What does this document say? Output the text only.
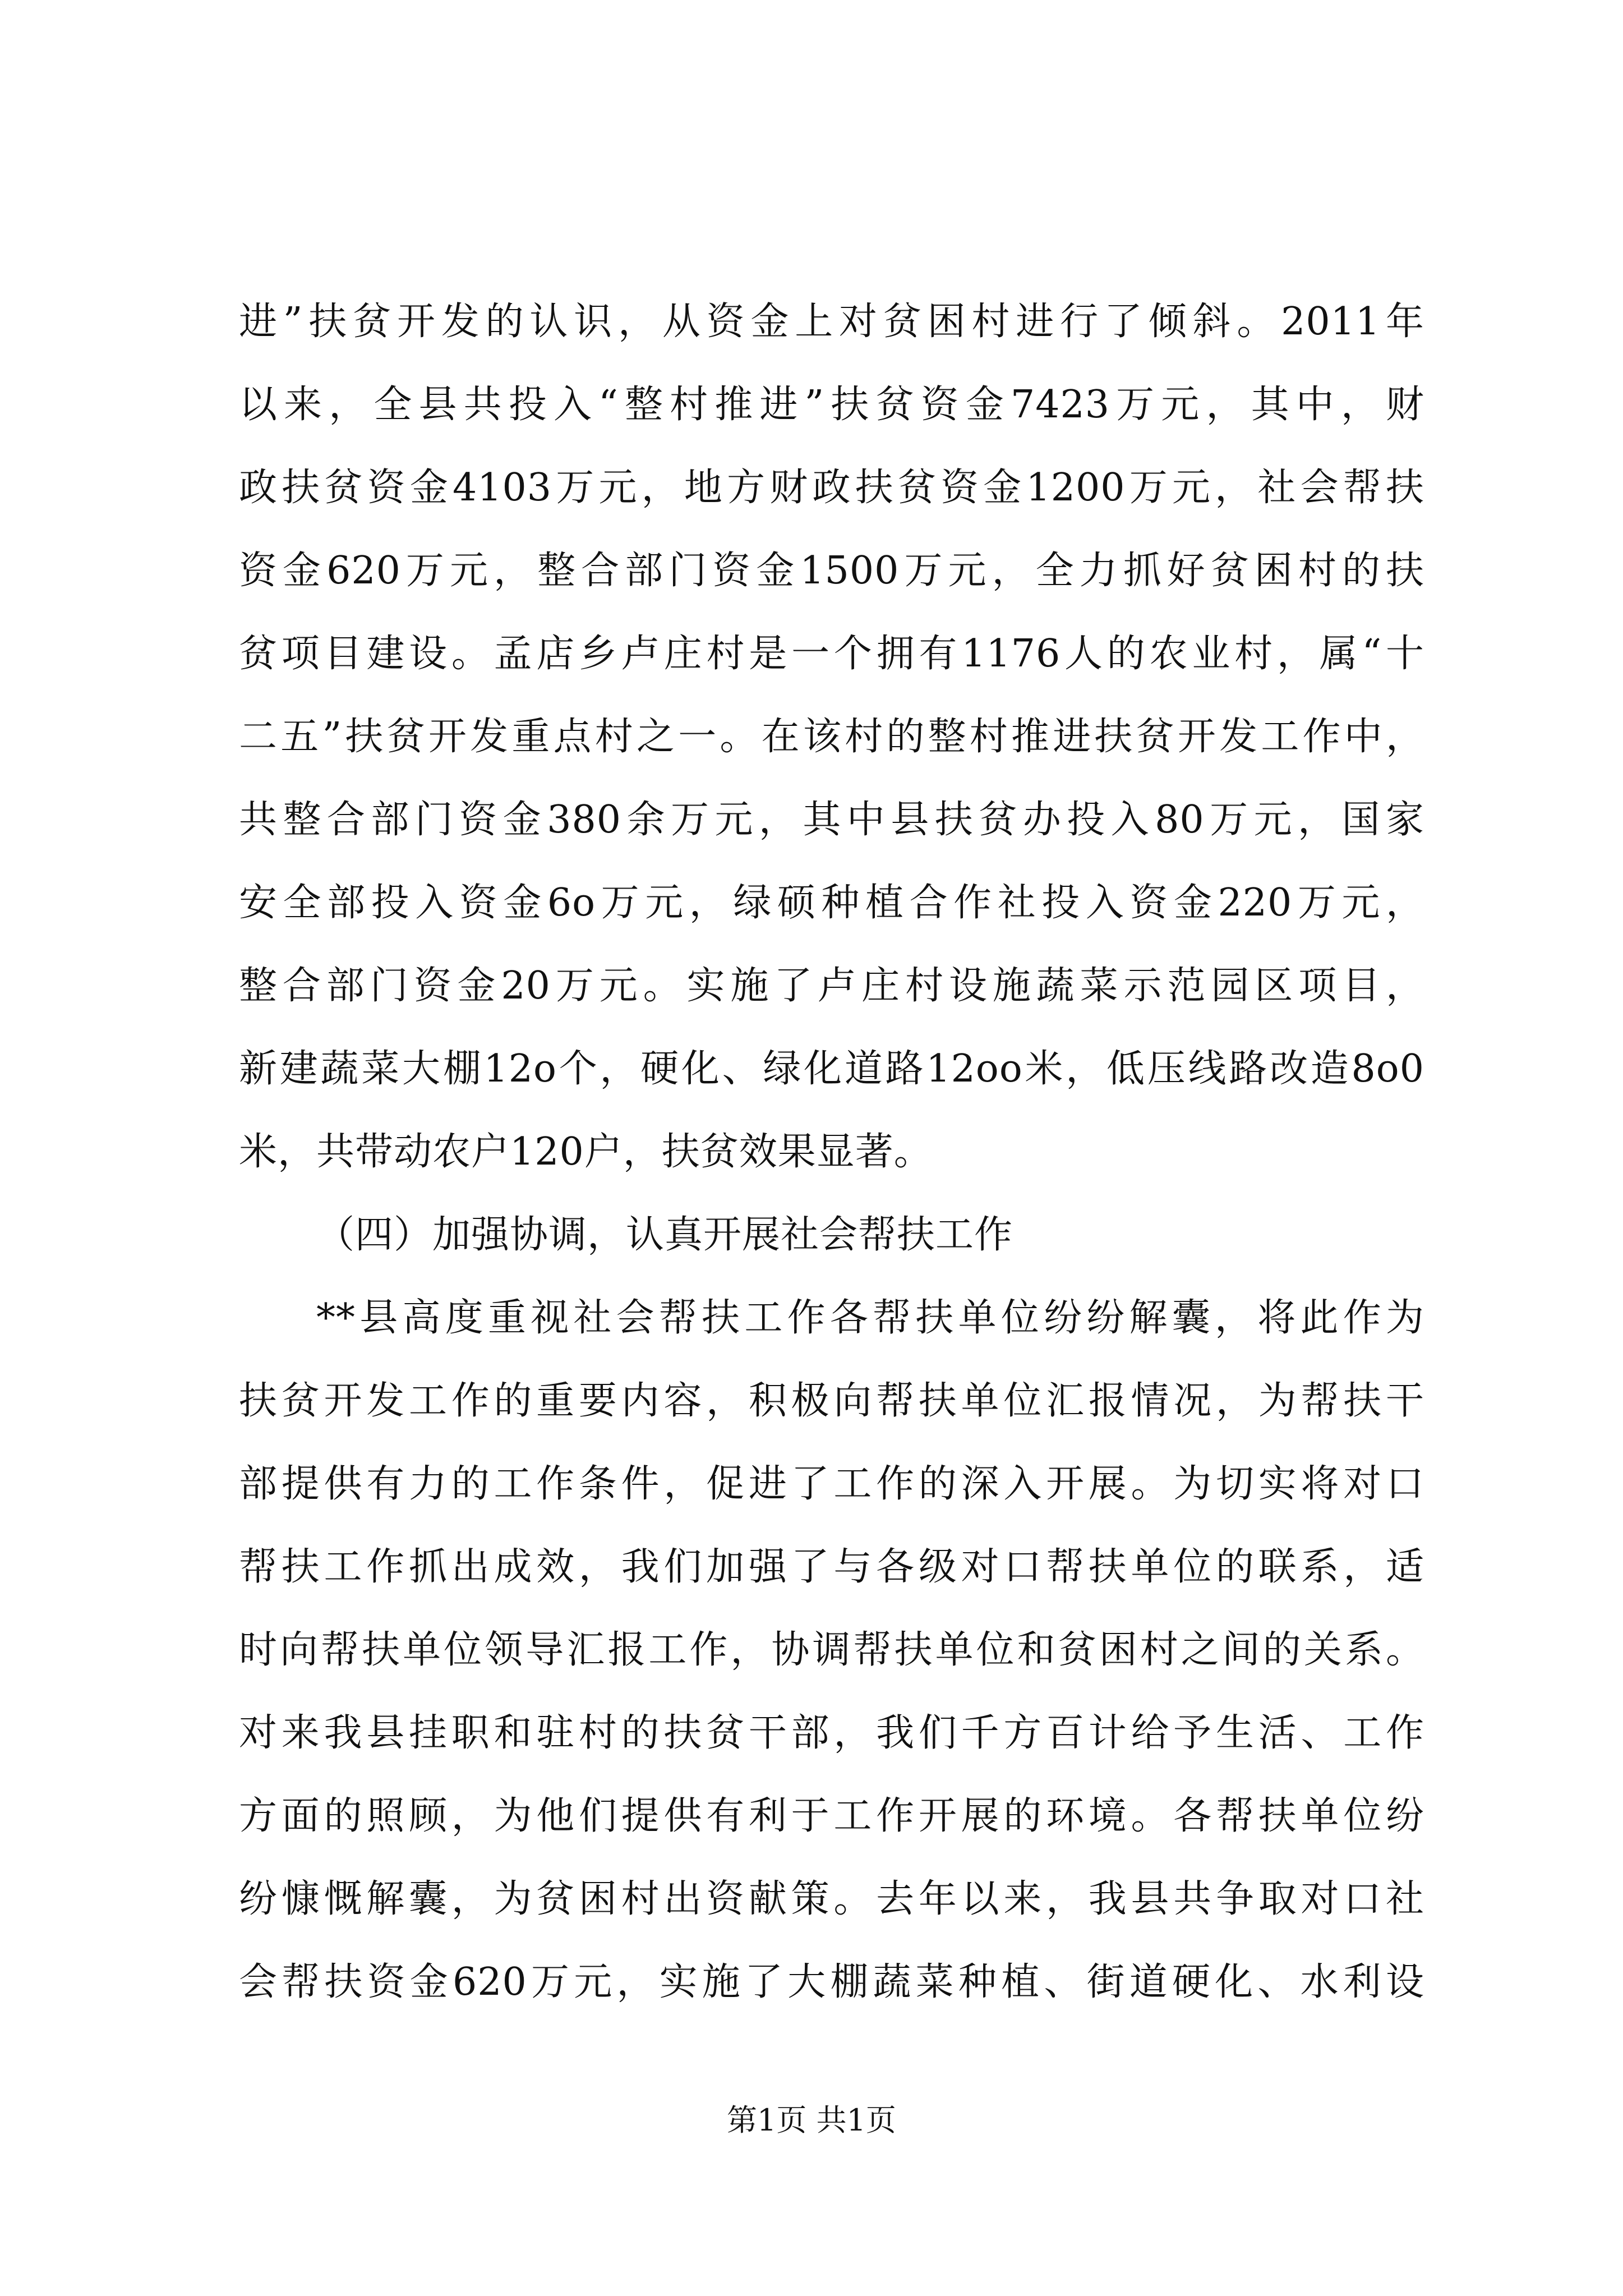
进”扶贫开发的认识，从资金上对贫困村进行了倾斜。2011年
以来，全县共投入“整村推进”扶贫资金7423万元，其中，财
政扶贫资金4103万元，地方财政扶贫资金1200万元，社会帮扶
资金620万元，整合部门资金1500万元，全力抓好贫困村的扶
贫项目建设。孟店乡卢庄村是一个拥有1176人的农业村，属“十
二五”扶贫开发重点村之一。在该村的整村推进扶贫开发工作中，
共整合部门资金380余万元，其中县扶贫办投入80万元，国家
安全部投入资金6o万元，绿硕种植合作社投入资金220万元，
整合部门资金20万元。实施了卢庄村设施蔬菜示范园区项目，
新建蔬菜大棚12o个，硬化、绿化道路12oo米，低压线路改造8o0
米，共带动农户120户，扶贫效果显著。
（四）加强协调，认真开展社会帮扶工作
**县高度重视社会帮扶工作各帮扶单位纷纷解囊，将此作为
扶贫开发工作的重要内容，积极向帮扶单位汇报情况，为帮扶干
部提供有力的工作条件，促进了工作的深入开展。为切实将对口
帮扶工作抓出成效，我们加强了与各级对口帮扶单位的联系，适
时向帮扶单位领导汇报工作，协调帮扶单位和贫困村之间的关系。
对来我县挂职和驻村的扶贫干部，我们千方百计给予生活、工作
方面的照顾，为他们提供有利于工作开展的环境。各帮扶单位纷
纷慷慨解囊，为贫困村出资献策。去年以来，我县共争取对口社
会帮扶资金620万元，实施了大棚蔬菜种植、街道硬化、水利设
第1页 共1页
